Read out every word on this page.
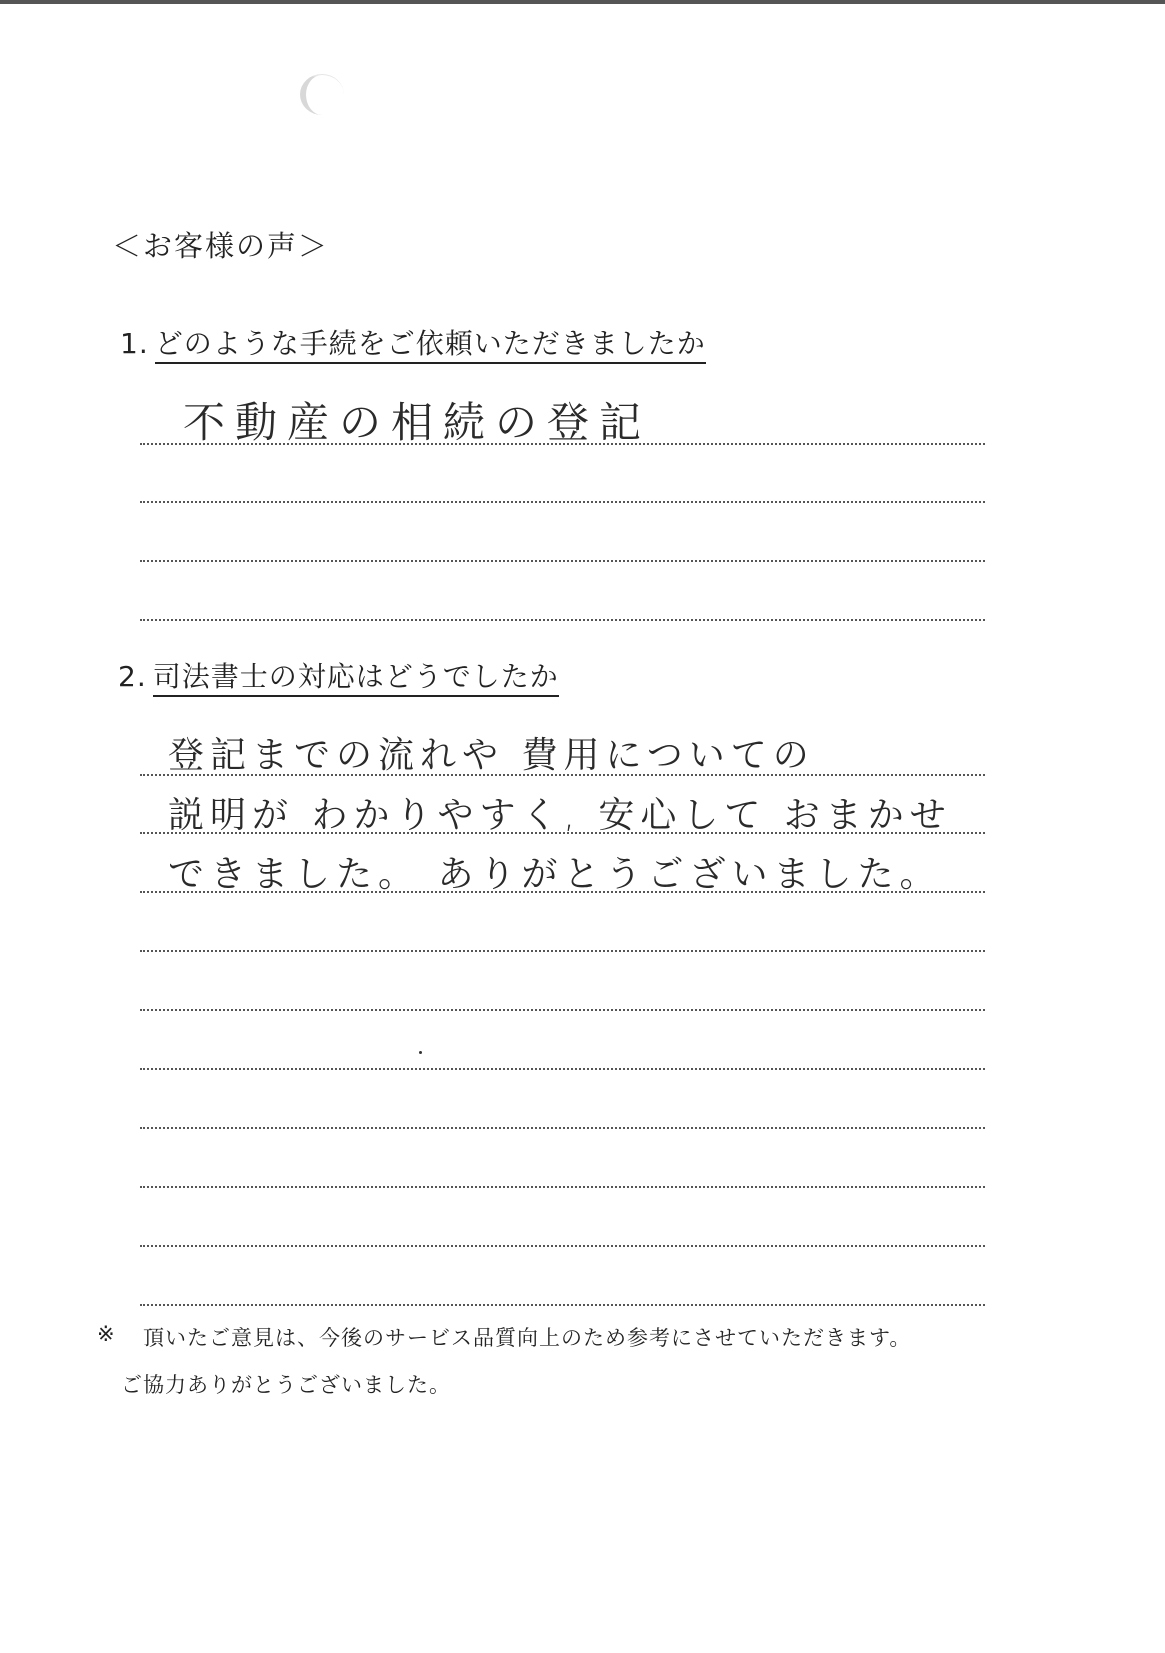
＜お客様の声＞
1. どのような手続をご依頼いただきましたか
不動産の相続の登記
2. 司法書士の対応はどうでしたか
登記までの流れや 費用についての
説明が わかりやすく, 安心して おまかせ
できました。 ありがとうございました。
※ 頂いたご意見は、今後のサービス品質向上のため参考にさせていただきます。
ご協力ありがとうございました。
